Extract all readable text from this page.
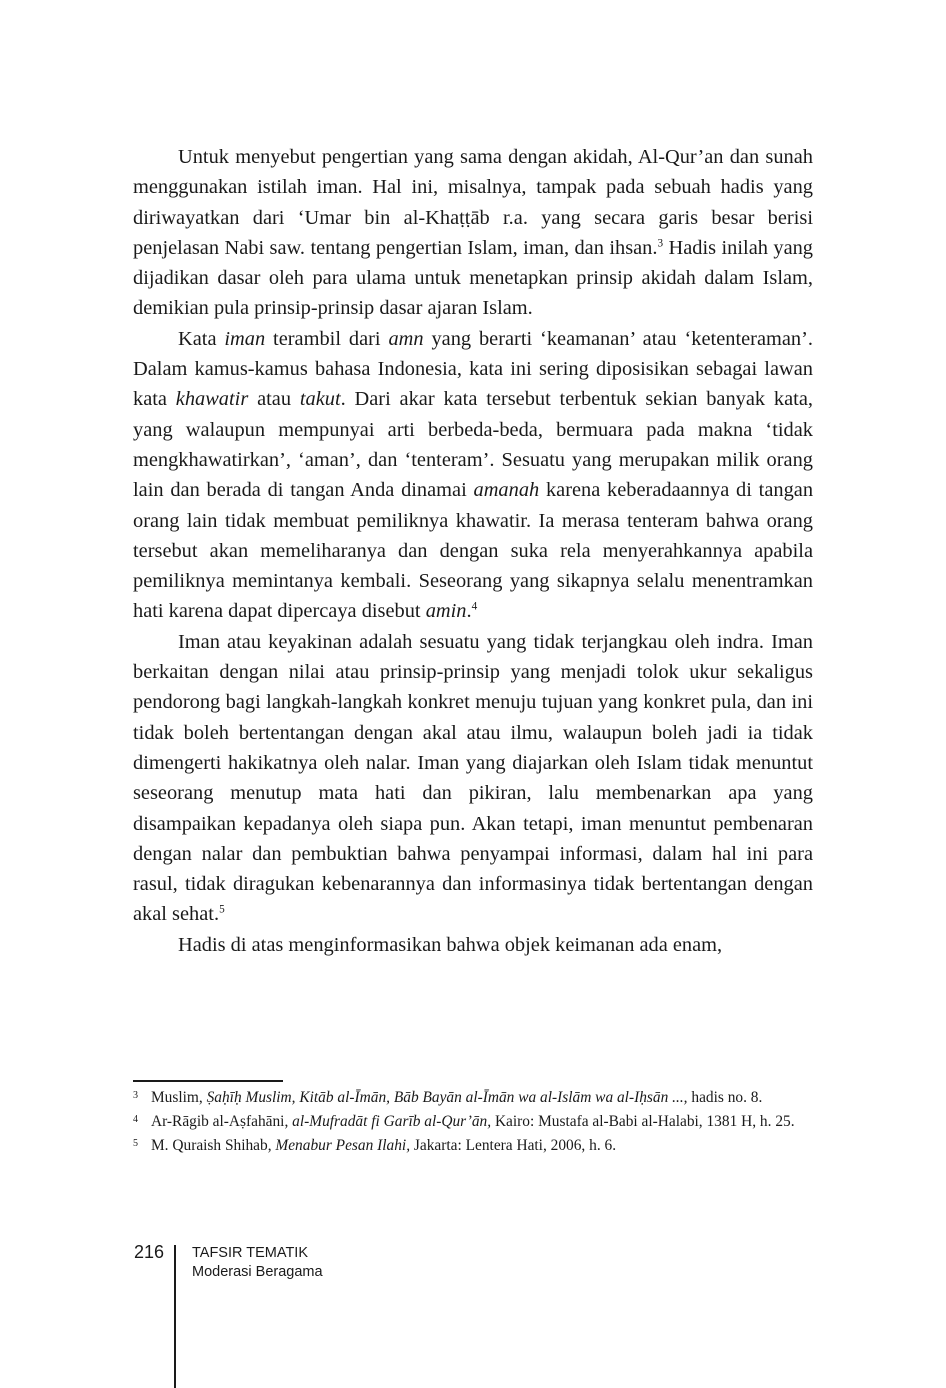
Untuk menyebut pengertian yang sama dengan akidah, Al-Qur’an dan sunah menggunakan istilah iman. Hal ini, misalnya, tampak pada sebuah hadis yang diriwayatkan dari ‘Umar bin al-Khaṭṭāb r.a. yang secara garis besar berisi penjelasan Nabi saw. tentang pengertian Islam, iman, dan ihsan.$^3$ Hadis inilah yang dijadikan dasar oleh para ulama untuk menetapkan prinsip akidah dalam Islam, demikian pula prinsip-prinsip dasar ajaran Islam.

Kata iman terambil dari amn yang berarti ‘keamanan’ atau ‘ketenteraman’. Dalam kamus-kamus bahasa Indonesia, kata ini sering diposisikan sebagai lawan kata khawatir atau takut. Dari akar kata tersebut terbentuk sekian banyak kata, yang walaupun mempunyai arti berbeda-beda, bermuara pada makna ‘tidak mengkhawatirkan’, ‘aman’, dan ‘tenteram’. Sesuatu yang merupakan milik orang lain dan berada di tangan Anda dinamai amanah karena keberadaannya di tangan orang lain tidak membuat pemiliknya khawatir. Ia merasa tenteram bahwa orang tersebut akan memeliharanya dan dengan suka rela menyerahkannya apabila pemiliknya memintanya kembali. Seseorang yang sikapnya selalu menentramkan hati karena dapat dipercaya disebut amin.$^4$

Iman atau keyakinan adalah sesuatu yang tidak terjangkau oleh indra. Iman berkaitan dengan nilai atau prinsip-prinsip yang menjadi tolok ukur sekaligus pendorong bagi langkah-langkah konkret menuju tujuan yang konkret pula, dan ini tidak boleh bertentangan dengan akal atau ilmu, walaupun boleh jadi ia tidak dimengerti hakikatnya oleh nalar. Iman yang diajarkan oleh Islam tidak menuntut seseorang menutup mata hati dan pikiran, lalu membenarkan apa yang disampaikan kepadanya oleh siapa pun. Akan tetapi, iman menuntut pembenaran dengan nalar dan pembuktian bahwa penyampai informasi, dalam hal ini para rasul, tidak diragukan kebenarannya dan informasinya tidak bertentangan dengan akal sehat.$^5$

Hadis di atas menginformasikan bahwa objek keimanan ada enam,

3 Muslim, Ṣaḥīḥ Muslim, Kitāb al-Īmān, Bāb Bayān al-Īmān wa al-Islām wa al-Iḥsān ..., hadis no. 8.
4 Ar-Rāgib al-Aṣfahāni, al-Mufradāt fi Garīb al-Qur’ān, Kairo: Mustafa al-Babi al-Halabi, 1381 H, h. 25.
5 M. Quraish Shihab, Menabur Pesan Ilahi, Jakarta: Lentera Hati, 2006, h. 6.
216 TAFSIR TEMATIK
Moderasi Beragama
